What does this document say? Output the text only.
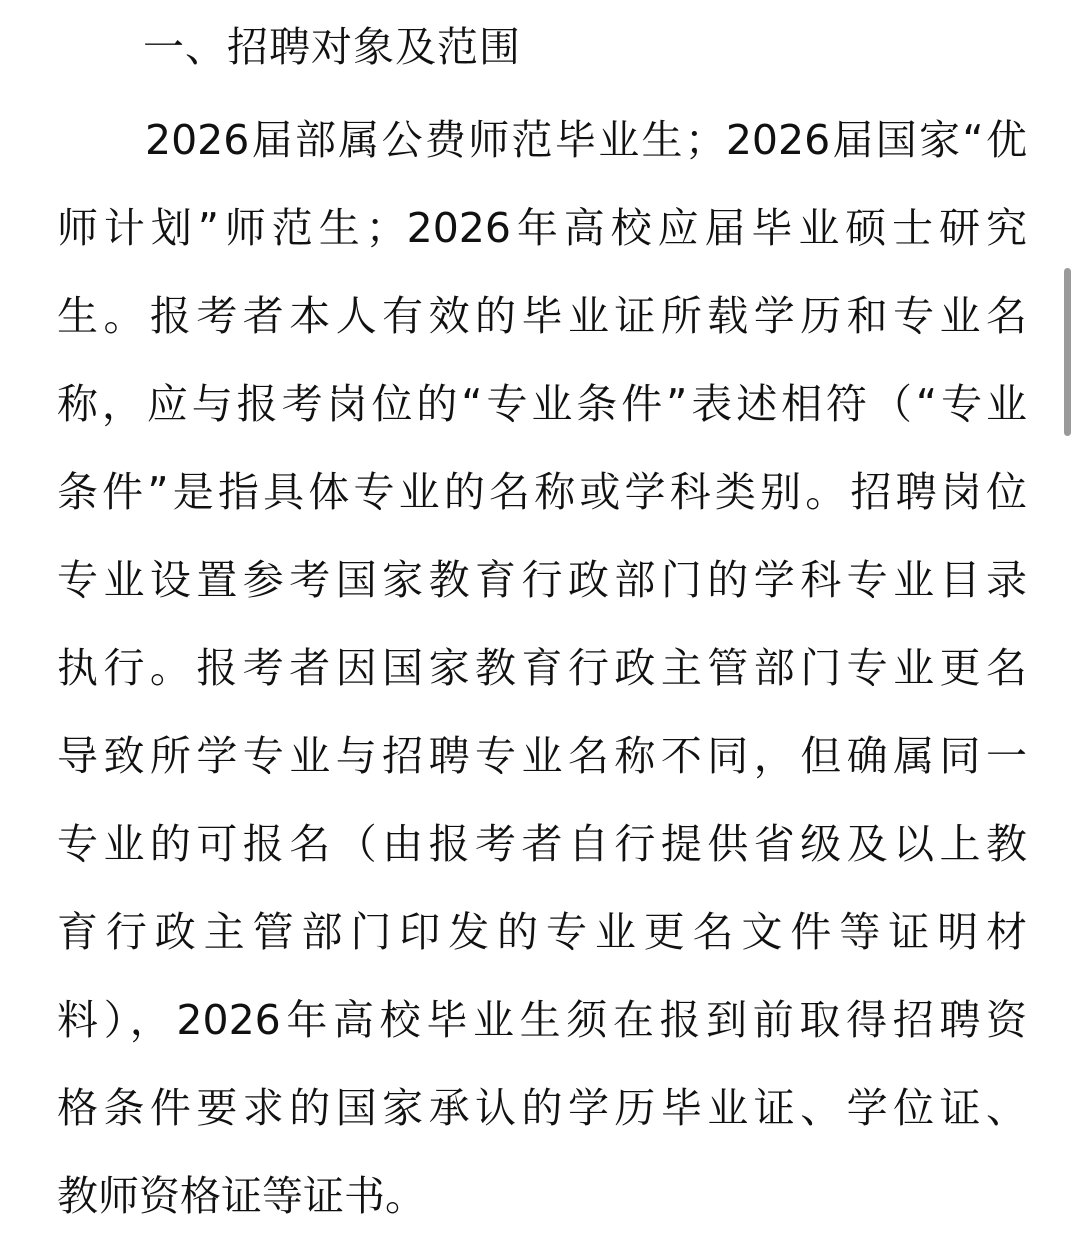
一、招聘对象及范围
2026届部属公费师范毕业生；2026届国家“优
师计划”师范生；2026年高校应届毕业硕士研究
生。报考者本人有效的毕业证所载学历和专业名
称，应与报考岗位的“专业条件”表述相符（“专业
条件”是指具体专业的名称或学科类别。招聘岗位
专业设置参考国家教育行政部门的学科专业目录
执行。报考者因国家教育行政主管部门专业更名
导致所学专业与招聘专业名称不同，但确属同一
专业的可报名（由报考者自行提供省级及以上教
育行政主管部门印发的专业更名文件等证明材
料），2026年高校毕业生须在报到前取得招聘资
格条件要求的国家承认的学历毕业证、学位证、
教师资格证等证书。
